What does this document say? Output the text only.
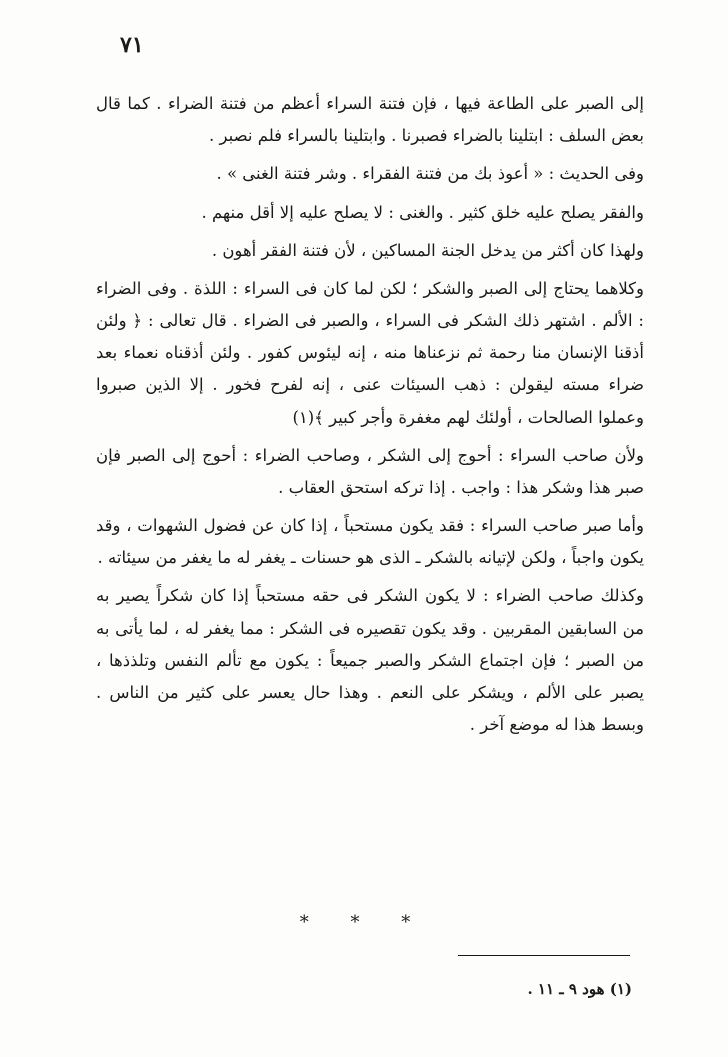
٧١

إلى الصبر على الطاعة فيها ، فإن فتنة السراء أعظم من فتنة الضراء . كما قال بعض السلف : ابتلينا بالضراء فصبرنا . وابتلينا بالسراء فلم نصبر .

وفى الحديث : « أعوذ بك من فتنة الفقراء . وشر فتنة الغنى » .

والفقر يصلح عليه خلق كثير . والغنى : لا يصلح عليه إلا أقل منهم .

ولهذا كان أكثر من يدخل الجنة المساكين ، لأن فتنة الفقر أهون .

وكلاهما يحتاج إلى الصبر والشكر ؛ لكن لما كان فى السراء : اللذة . وفى الضراء : الألم . اشتهر ذلك الشكر فى السراء ، والصبر فى الضراء . قال تعالى : ﴿ ولئن أذقنا الإنسان منا رحمة ثم نزعناها منه ، إنه ليئوس كفور . ولئن أذقناه نعماء بعد ضراء مسته ليقولن : ذهب السيئات عنى ، إنه لفرح فخور . إلا الذين صبروا وعملوا الصالحات ، أولئك لهم مغفرة وأجر كبير ﴾(١)

ولأن صاحب السراء : أحوج إلى الشكر ، وصاحب الضراء : أحوج إلى الصبر فإن صبر هذا وشكر هذا : واجب . إذا تركه استحق العقاب .

وأما صبر صاحب السراء : فقد يكون مستحباً ، إذا كان عن فضول الشهوات ، وقد يكون واجباً ، ولكن لإتيانه بالشكر ـ الذى هو حسنات ـ يغفر له ما يغفر من سيئاته .

وكذلك صاحب الضراء : لا يكون الشكر فى حقه مستحباً إذا كان شكراً يصير به من السابقين المقربين . وقد يكون تقصيره فى الشكر : مما يغفر له ، لما يأتى به من الصبر ؛ فإن اجتماع الشكر والصبر جميعاً : يكون مع تألم النفس وتلذذها ، يصبر على الألم ، ويشكر على النعم . وهذا حال يعسر على كثير من الناس . وبسط هذا له موضع آخر .

* * *
(١) هود ٩ ـ ١١ .
